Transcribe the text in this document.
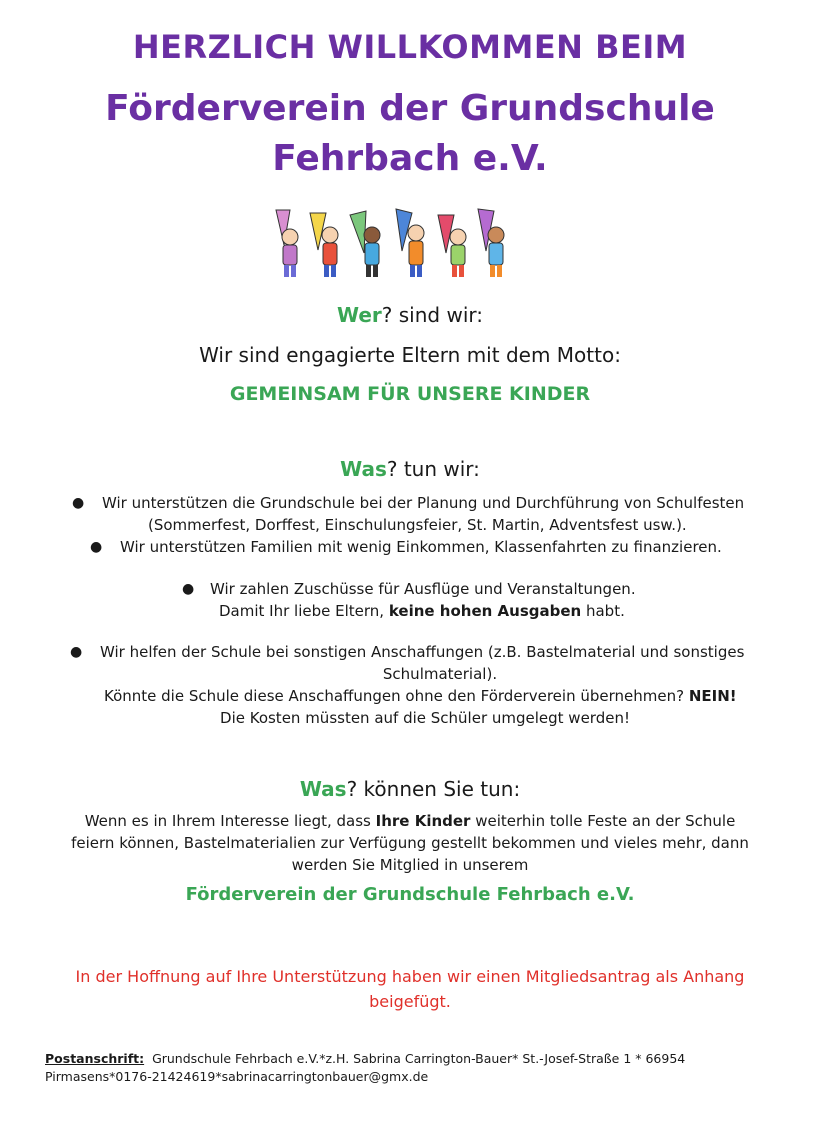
HERZLICH WILLKOMMEN BEIM
Förderverein der Grundschule
Fehrbach e.V.
Wer? sind wir:
Wir sind engagierte Eltern mit dem Motto:
GEMEINSAM FÜR UNSERE KINDER
Was? tun wir:
●	Wir unterstützen die Grundschule bei der Planung und Durchführung von Schulfesten
(Sommerfest, Dorffest, Einschulungsfeier, St. Martin, Adventsfest usw.).
●	Wir unterstützen Familien mit wenig Einkommen, Klassenfahrten zu finanzieren.
●	Wir zahlen Zuschüsse für Ausflüge und Veranstaltungen.
Damit Ihr liebe Eltern, keine hohen Ausgaben habt.
●	Wir helfen der Schule bei sonstigen Anschaffungen (z.B. Bastelmaterial und sonstiges
Schulmaterial).
Könnte die Schule diese Anschaffungen ohne den Förderverein übernehmen? NEIN!
Die Kosten müssten auf die Schüler umgelegt werden!
Was? können Sie tun:
Wenn es in Ihrem Interesse liegt, dass Ihre Kinder weiterhin tolle Feste an der Schule
feiern können, Bastelmaterialien zur Verfügung gestellt bekommen und vieles mehr, dann
werden Sie Mitglied in unserem
Förderverein der Grundschule Fehrbach e.V.
In der Hoffnung auf Ihre Unterstützung haben wir einen Mitgliedsantrag als Anhang
beigefügt.
Postanschrift: Grundschule Fehrbach e.V.*z.H. Sabrina Carrington-Bauer* St.-Josef-Straße 1 * 66954
Pirmasens*0176-21424619*sabrinacarringtonbauer@gmx.de
